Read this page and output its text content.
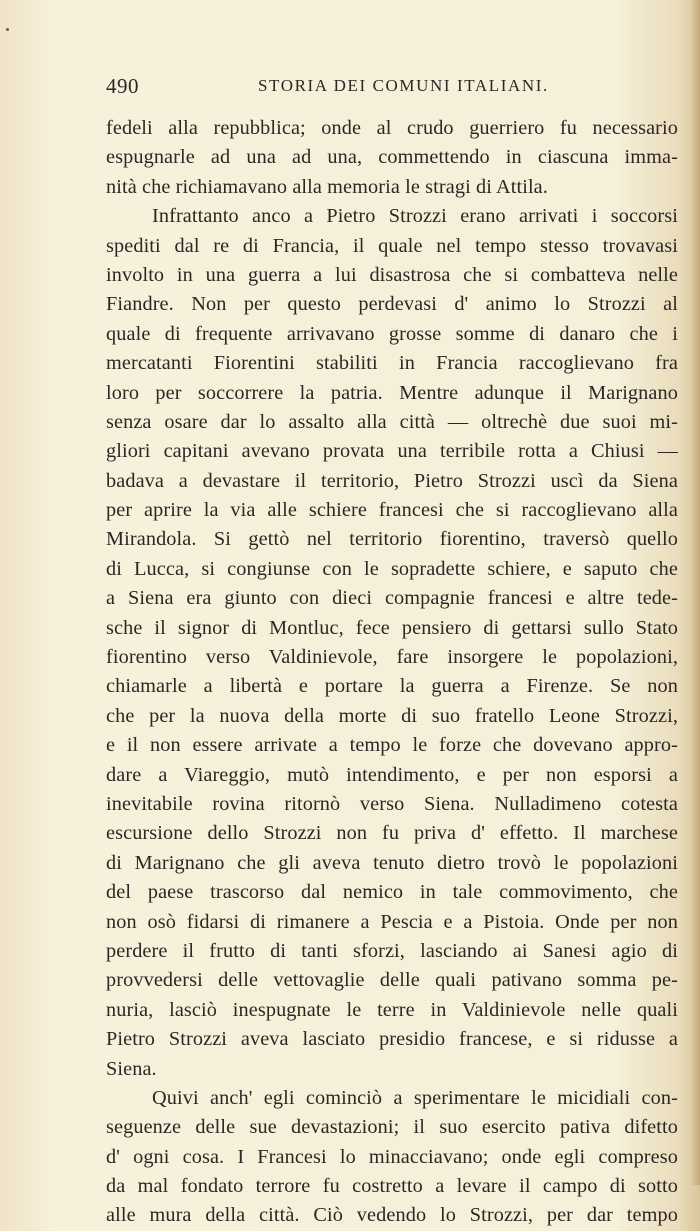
490	STORIA DEI COMUNI ITALIANI.
fedeli alla repubblica; onde al crudo guerriero fu necessario
espugnarle ad una ad una, commettendo in ciascuna imma-
nità che richiamavano alla memoria le stragi di Attila.
Infrattanto anco a Pietro Strozzi erano arrivati i soccorsi
spediti dal re di Francia, il quale nel tempo stesso trovavasi
involto in una guerra a lui disastrosa che si combatteva nelle
Fiandre. Non per questo perdevasi d' animo lo Strozzi al
quale di frequente arrivavano grosse somme di danaro che i
mercatanti Fiorentini stabiliti in Francia raccoglievano fra
loro per soccorrere la patria. Mentre adunque il Marignano
senza osare dar lo assalto alla città — oltrechè due suoi mi-
gliori capitani avevano provata una terribile rotta a Chiusi —
badava a devastare il territorio, Pietro Strozzi uscì da Siena
per aprire la via alle schiere francesi che si raccoglievano alla
Mirandola. Si gettò nel territorio fiorentino, traversò quello
di Lucca, si congiunse con le sopradette schiere, e saputo che
a Siena era giunto con dieci compagnie francesi e altre tede-
sche il signor di Montluc, fece pensiero di gettarsi sullo Stato
fiorentino verso Valdinievole, fare insorgere le popolazioni,
chiamarle a libertà e portare la guerra a Firenze. Se non
che per la nuova della morte di suo fratello Leone Strozzi,
e il non essere arrivate a tempo le forze che dovevano appro-
dare a Viareggio, mutò intendimento, e per non esporsi a
inevitabile rovina ritornò verso Siena. Nulladimeno cotesta
escursione dello Strozzi non fu priva d' effetto. Il marchese
di Marignano che gli aveva tenuto dietro trovò le popolazioni
del paese trascorso dal nemico in tale commovimento, che
non osò fidarsi di rimanere a Pescia e a Pistoia. Onde per non
perdere il frutto di tanti sforzi, lasciando ai Sanesi agio di
provvedersi delle vettovaglie delle quali pativano somma pe-
nuria, lasciò inespugnate le terre in Valdinievole nelle quali
Pietro Strozzi aveva lasciato presidio francese, e si ridusse a
Siena.
Quivi anch' egli cominciò a sperimentare le micidiali con-
seguenze delle sue devastazioni; il suo esercito pativa difetto
d' ogni cosa. I Francesi lo minacciavano; onde egli compreso
da mal fondato terrore fu costretto a levare il campo di sotto
alle mura della città. Ciò vedendo lo Strozzi, per dar tempo
